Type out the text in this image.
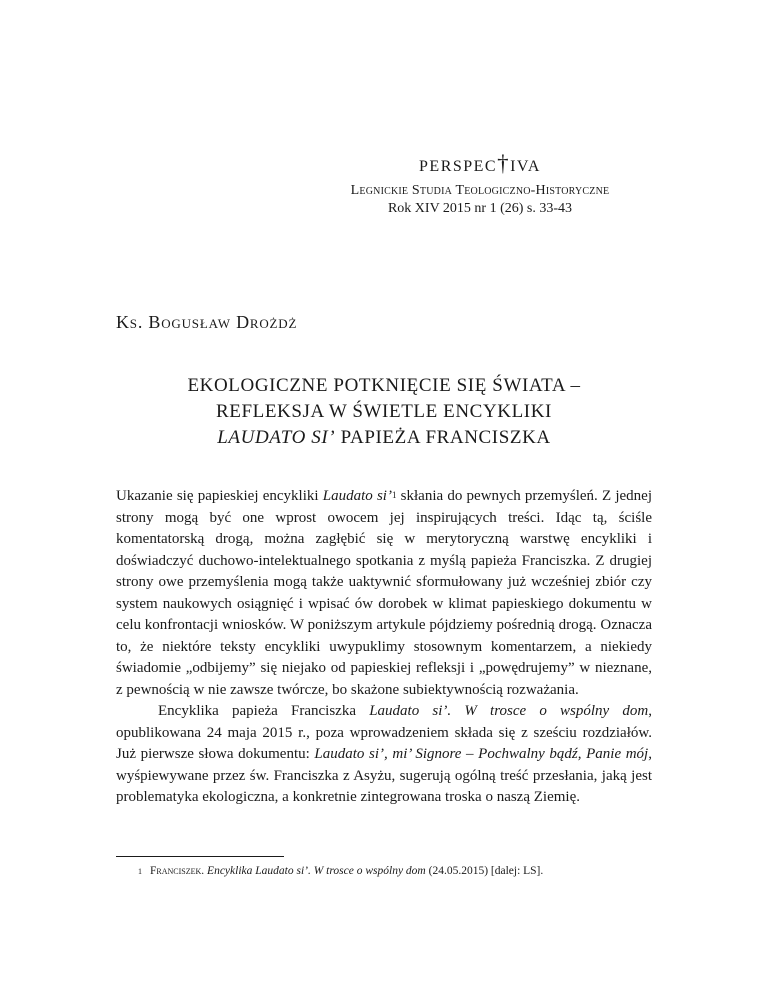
perspec†iva
Legnickie Studia Teologiczno-Historyczne
Rok XIV 2015 nr 1 (26) s. 33-43
Ks. Bogusław Drożdż
EKOLOGICZNE POTKNIĘCIE SIĘ ŚWIATA –
REFLEKSJA W ŚWIETLE ENCYKLIKI
LAUDATO SI’ PAPIEŻA FRANCISZKA

Ukazanie się papieskiej encykliki Laudato si’$^1$ skłania do pewnych przemyśleń. Z jednej strony mogą być one wprost owocem jej inspirujących treści. Idąc tą, ściśle komentatorską drogą, można zagłębić się w merytoryczną warstwę encykliki i doświadczyć duchowo-intelektualnego spotkania z myślą papieża Franciszka. Z drugiej strony owe przemyślenia mogą także uaktywnić sformułowany już wcześniej zbiór czy system naukowych osiągnięć i wpisać ów dorobek w klimat papieskiego dokumentu w celu konfrontacji wniosków. W poniższym artykule pójdziemy pośrednią drogą. Oznacza to, że niektóre teksty encykliki uwypuklimy stosownym komentarzem, a niekiedy świadomie „odbijemy” się niejako od papieskiej refleksji i „powędrujemy” w nieznane, z pewnością w nie zawsze twórcze, bo skażone subiektywnością rozważania.

Encyklika papieża Franciszka Laudato si’. W trosce o wspólny dom, opublikowana 24 maja 2015 r., poza wprowadzeniem składa się z sześciu rozdziałów. Już pierwsze słowa dokumentu: Laudato si’, mi’ Signore – Pochwalny bądź, Panie mój, wyśpiewywane przez św. Franciszka z Asyżu, sugerują ogólną treść przesłania, jaką jest problematyka ekologiczna, a konkretnie zintegrowana troska o naszą Ziemię.

$^1$ Franciszek. Encyklika Laudato si’. W trosce o wspólny dom (24.05.2015) [dalej: LS].
